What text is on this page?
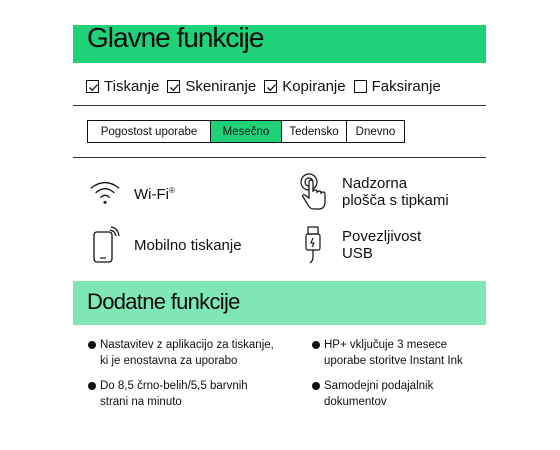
Glavne funkcije
Tiskanje Skeniranje Kopiranje Faksiranje
Pogostost uporabe	Mesečno	Tedensko	Dnevno
Wi-Fi®	Nadzorna
plošča s tipkami
Mobilno tiskanje	Povezljivost
USB
Dodatne funkcije
Nastavitev z aplikacijo za tiskanje,
ki je enostavna za uporabo
HP+ vključuje 3 mesece
uporabe storitve Instant Ink
Do 8,5 črno-belih/5,5 barvnih
strani na minuto
Samodejni podajalnik
dokumentov
